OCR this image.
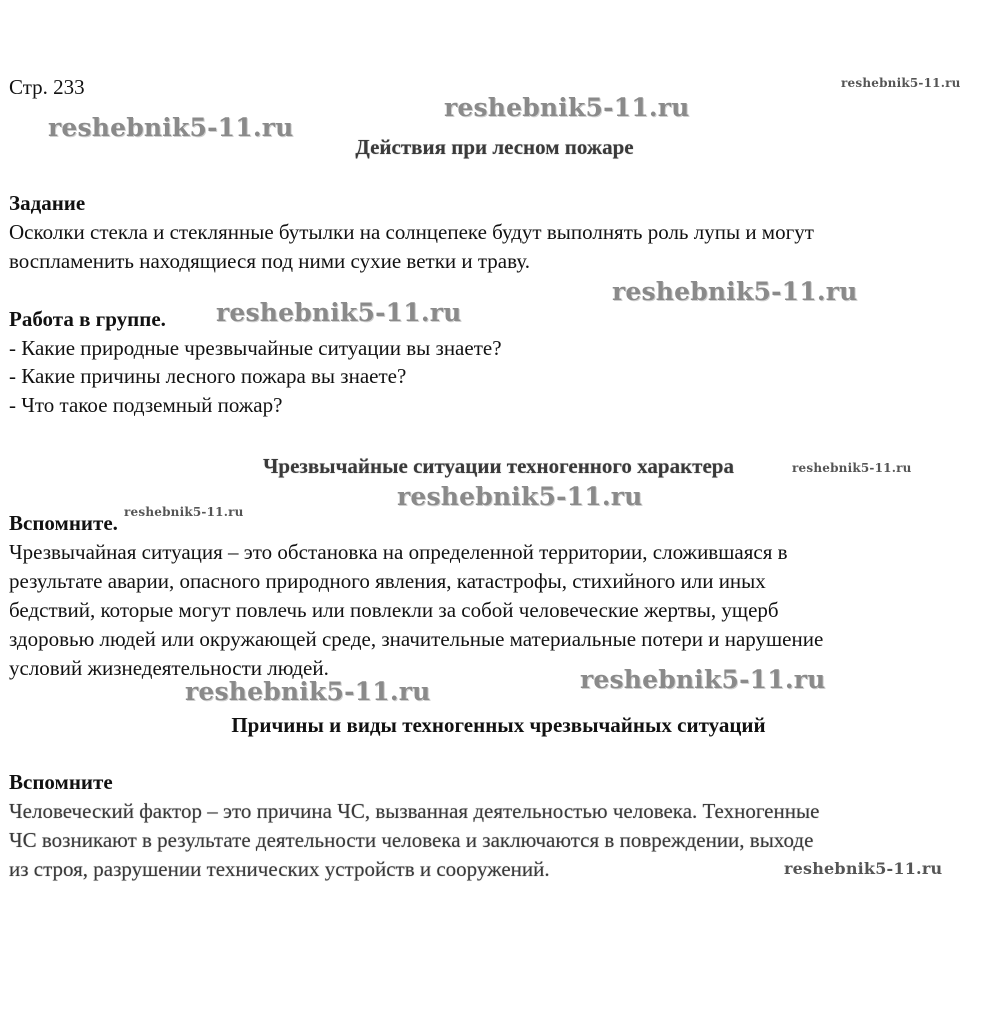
Стр. 233
Действия при лесном пожаре
Задание
Осколки стекла и стеклянные бутылки на солнцепеке будут выполнять роль лупы и могут
воспламенить находящиеся под ними сухие ветки и траву.
Работа в группе.
- Какие природные чрезвычайные ситуации вы знаете?
- Какие причины лесного пожара вы знаете?
- Что такое подземный пожар?
Чрезвычайные ситуации техногенного характера
Вспомните.
Чрезвычайная ситуация – это обстановка на определенной территории, сложившаяся в
результате аварии, опасного природного явления, катастрофы, стихийного или иных
бедствий, которые могут повлечь или повлекли за собой человеческие жертвы, ущерб
здоровью людей или окружающей среде, значительные материальные потери и нарушение
условий жизнедеятельности людей.
Причины и виды техногенных чрезвычайных ситуаций
Вспомните
Человеческий фактор – это причина ЧС, вызванная деятельностью человека. Техногенные
ЧС возникают в результате деятельности человека и заключаются в повреждении, выходе
из строя, разрушении технических устройств и сооружений.
reshebnik5-11.ru
reshebnik5-11.ru
reshebnik5-11.ru
reshebnik5-11.ru
reshebnik5-11.ru
reshebnik5-11.ru
reshebnik5-11.ru
reshebnik5-11.ru
reshebnik5-11.ru
reshebnik5-11.ru
reshebnik5-11.ru
